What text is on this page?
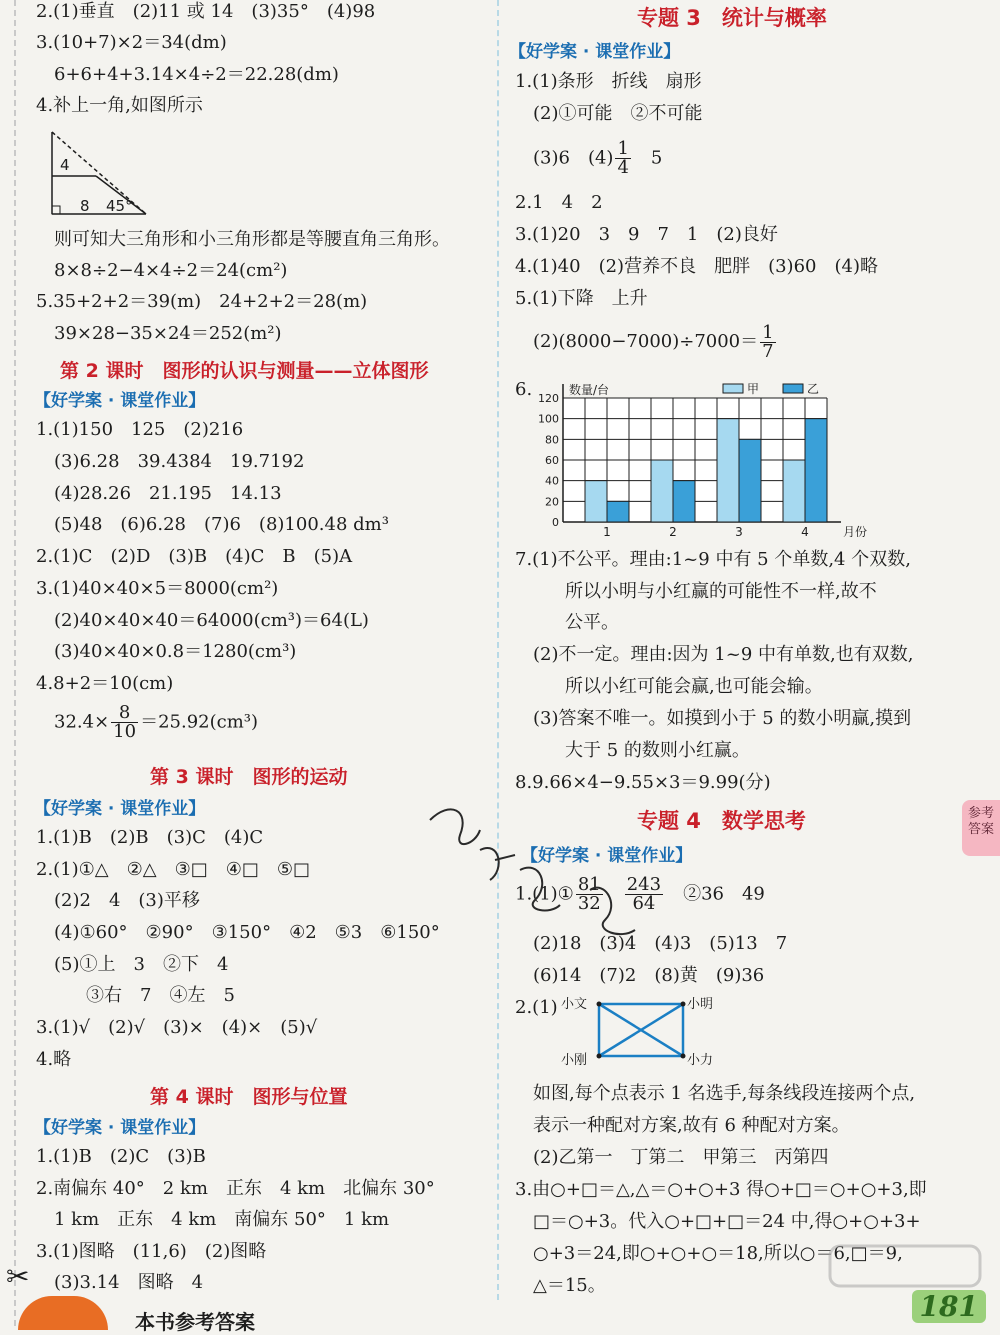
2.(1)垂直　(2)11 或 14　(3)35°　(4)98
3.(10+7)×2＝34(dm)
6+6+4+3.14×4÷2＝22.28(dm)
4.补上一角,如图所示
4
8 45°
则可知大三角形和小三角形都是等腰直角三角形。
8×8÷2−4×4÷2＝24(cm²)
5.35+2+2＝39(m)　24+2+2＝28(m)
39×28−35×24＝252(m²)
第 2 课时　图形的认识与测量——立体图形
【好学案 · 课堂作业】
1.(1)150　125　(2)216
(3)6.28　39.4384　19.7192
(4)28.26　21.195　14.13
(5)48　(6)6.28　(7)6　(8)100.48 dm³
2.(1)C　(2)D　(3)B　(4)C　B　(5)A
3.(1)40×40×5＝8000(cm²)
(2)40×40×40＝64000(cm³)＝64(L)
(3)40×40×0.8＝1280(cm³)
4.8+2＝10(cm)
$32.4\times \frac{8}{10} =25.92(cm^3)$
第 3 课时　图形的运动
【好学案 · 课堂作业】
1.(1)B　(2)B　(3)C　(4)C
2.(1)①△　②△　③□　④□　⑤□
(2)2　4　(3)平移
(4)①60°　②90°　③150°　④2　⑤3　⑥150°
(5)①上　3　②下　4
③右　7　④左　5
3.(1)√　(2)√　(3)×　(4)×　(5)√
4.略
第 4 课时　图形与位置
【好学案 · 课堂作业】
1.(1)B　(2)C　(3)B
2.南偏东 40°　2 km　正东　4 km　北偏东 30°
1 km　正东　4 km　南偏东 50°　1 km
3.(1)图略　(11,6)　(2)图略
(3)3.14　图略　4
专题 3　统计与概率
【好学案 · 课堂作业】
1.(1)条形　折线　扇形
(2)①可能　②不可能
(3)6　$(4) \frac{1}{4}$ 　5
2.1　4　2
3.(1)20　3　9　7　1　(2)良好
4.(1)40　(2)营养不良　肥胖　(3)60　(4)略
5.(1)下降　上升
$(2)(8000-7000)\div 7000= \frac{1}{7}$
6.
0
20
40
60
80
100
120
1	2	3	4
数量/台
月份
甲	乙
7.(1)不公平。理由:1~9 中有 5 个单数,4 个双数,
所以小明与小红赢的可能性不一样,故不
公平。
(2)不一定。理由:因为 1~9 中有单数,也有双数,
所以小红可能会赢,也可能会输。
(3)答案不唯一。如摸到小于 5 的数小明赢,摸到
大于 5 的数则小红赢。
8.9.66×4−9.55×3＝9.99(分)
专题 4　数学思考
【好学案 · 课堂作业】
1.(1)① $\frac{81}{32}$
　 $\frac{243}{64}$
　 ②36　49
(2)18　(3)4　(4)3　(5)13　7
(6)14　(7)2　(8)黄　(9)36
2.(1) 小文	小明
小刚	小力
如图,每个点表示 1 名选手,每条线段连接两个点,
表示一种配对方案,故有 6 种配对方案。
(2)乙第一　丁第二　甲第三　丙第四
3.由○+□＝△,△＝○+○+3 得○+□＝○+○+3,即
□＝○+3。代入○+□+□＝24 中,得○+○+3+
○+3＝24,即○+○+○＝18,所以○＝6,□＝9,
△＝15。
参考答案
✂
本书参考答案	181
